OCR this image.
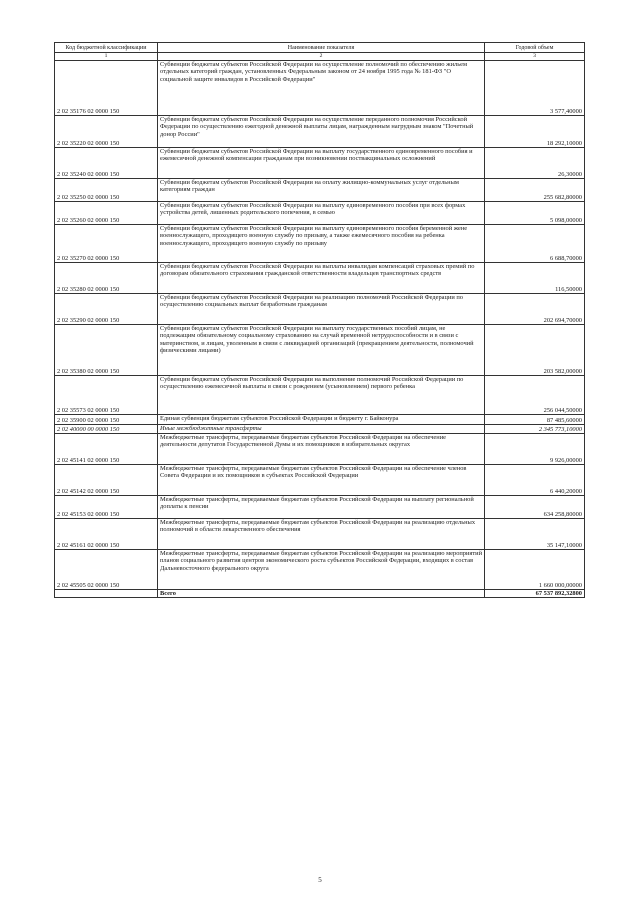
Код бюджетной классификации	Наименование показателя	Годовой объем
1	2	3
2 02 35176 02 0000 150	Субвенции бюджетам субъектов Российской Федерации на осуществление полномочий по обеспечению жильем отдельных категорий граждан, установленных Федеральным законом от 24 ноября 1995 года № 181-ФЗ "О социальной защите инвалидов в Российской Федерации"	3 577,40000
2 02 35220 02 0000 150	Субвенции бюджетам субъектов Российской Федерации на осуществление переданного полномочия Российской Федерации по осуществлению ежегодной денежной выплаты лицам, награжденным нагрудным знаком "Почетный донор России"	18 292,10000
2 02 35240 02 0000 150	Субвенции бюджетам субъектов Российской Федерации на выплату государственного единовременного пособия и ежемесячной денежной компенсации гражданам при возникновении поствакцинальных осложнений	26,30000
2 02 35250 02 0000 150	Субвенции бюджетам субъектов Российской Федерации на оплату жилищно-коммунальных услуг отдельным категориям граждан	255 682,80000
2 02 35260 02 0000 150	Субвенции бюджетам субъектов Российской Федерации на выплату единовременного пособия при всех формах устройства детей, лишенных родительского попечения, в семью	5 098,00000
2 02 35270 02 0000 150	Субвенции бюджетам субъектов Российской Федерации на выплату единовременного пособия беременной жене военнослужащего, проходящего военную службу по призыву, а также ежемесячного пособия на ребенка военнослужащего, проходящего военную службу по призыву	6 688,70000
2 02 35280 02 0000 150	Субвенции бюджетам субъектов Российской Федерации на выплаты инвалидам компенсаций страховых премий по договорам обязательного страхования гражданской ответственности владельцев транспортных средств	116,50000
2 02 35290 02 0000 150	Субвенции бюджетам субъектов Российской Федерации на реализацию полномочий Российской Федерации по осуществлению социальных выплат безработным гражданам	202 694,70000
2 02 35380 02 0000 150	Субвенции бюджетам субъектов Российской Федерации на выплату государственных пособий лицам, не подлежащим обязательному социальному страхованию на случай временной нетрудоспособности и в связи с материнством, и лицам, уволенным в связи с ликвидацией организаций (прекращением деятельности, полномочий физическими лицами)	203 582,00000
2 02 35573 02 0000 150	Субвенции бюджетам субъектов Российской Федерации на выполнение полномочий Российской Федерации по осуществлению ежемесячной выплаты в связи с рождением (усыновлением) первого ребенка	256 044,50000
2 02 35900 02 0000 150	Единая субвенция бюджетам субъектов Российской Федерации и бюджету г. Байконура	87 485,60000
2 02 40000 00 0000 150	Иные межбюджетные трансферты	2 345 773,10000
2 02 45141 02 0000 150	Межбюджетные трансферты, передаваемые бюджетам субъектов Российской Федерации на обеспечение деятельности депутатов Государственной Думы и их помощников в избирательных округах	9 926,00000
2 02 45142 02 0000 150	Межбюджетные трансферты, передаваемые бюджетам субъектов Российской Федерации на обеспечение членов Совета Федерации и их помощников в субъектах Российской Федерации	6 440,20000
2 02 45153 02 0000 150	Межбюджетные трансферты, передаваемые бюджетам субъектов Российской Федерации на выплату региональной доплаты к пенсии	634 258,80000
2 02 45161 02 0000 150	Межбюджетные трансферты, передаваемые бюджетам субъектов Российской Федерации на реализацию отдельных полномочий в области лекарственного обеспечения	35 147,10000
2 02 45505 02 0000 150	Межбюджетные трансферты, передаваемые бюджетам субъектов Российской Федерации на реализацию мероприятий планов социального развития центров экономического роста субъектов Российской Федерации, входящих в состав Дальневосточного федерального округа	1 660 000,00000
	Всего	67 537 892,32800
5
